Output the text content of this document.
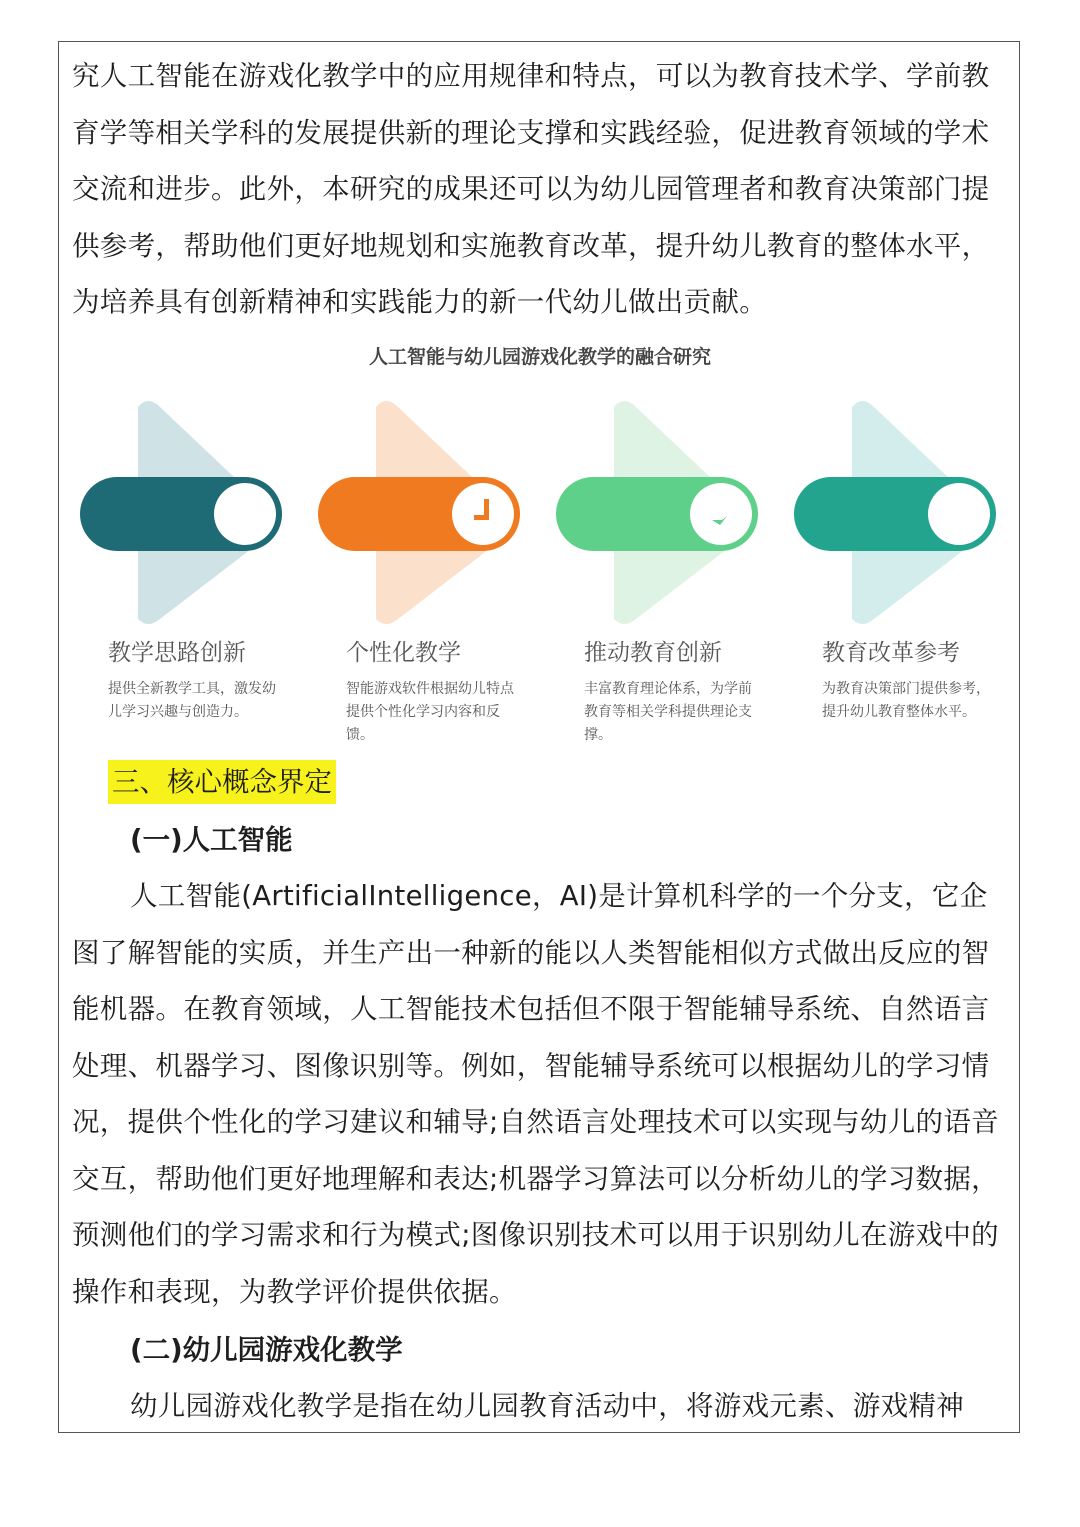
究人工智能在游戏化教学中的应用规律和特点，可以为教育技术学、学前教育学等相关学科的发展提供新的理论支撑和实践经验，促进教育领域的学术交流和进步。此外，本研究的成果还可以为幼儿园管理者和教育决策部门提供参考，帮助他们更好地规划和实施教育改革，提升幼儿教育的整体水平，为培养具有创新精神和实践能力的新一代幼儿做出贡献。

人工智能与幼儿园游戏化教学的融合研究

教学思路创新

提供全新教学工具，激发幼儿学习兴趣与创造力。

个性化教学

智能游戏软件根据幼儿特点提供个性化学习内容和反馈。

推动教育创新

丰富教育理论体系，为学前教育等相关学科提供理论支撑。

教育改革参考

为教育决策部门提供参考，提升幼儿教育整体水平。

三、核心概念界定

(一)人工智能

人工智能(ArtificialIntelligence，AI)是计算机科学的一个分支，它企图了解智能的实质，并生产出一种新的能以人类智能相似方式做出反应的智能机器。在教育领域，人工智能技术包括但不限于智能辅导系统、自然语言处理、机器学习、图像识别等。例如，智能辅导系统可以根据幼儿的学习情况，提供个性化的学习建议和辅导;自然语言处理技术可以实现与幼儿的语音交互，帮助他们更好地理解和表达;机器学习算法可以分析幼儿的学习数据，预测他们的学习需求和行为模式;图像识别技术可以用于识别幼儿在游戏中的操作和表现，为教学评价提供依据。

(二)幼儿园游戏化教学

幼儿园游戏化教学是指在幼儿园教育活动中，将游戏元素、游戏精神
